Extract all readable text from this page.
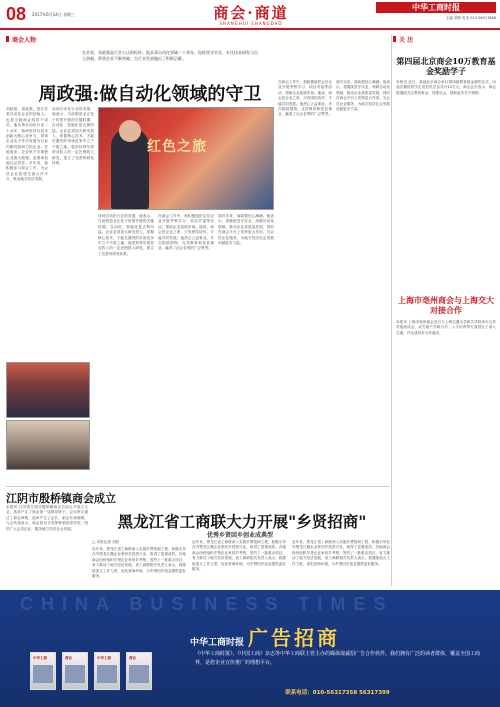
08 2017年6月14日 星期三	商会·商道
SHANGHUI·SHANGDAO
中华工商时报
主编 胡萍 电话 010-56317888
商会人物
在业界，刘政强是行业公认的标杆。他从事自动化领域二十余年，始终坚守实业，专注技术研发与自主创新，带领企业不断突破，为行业发展做出了积极贡献。
周政强:做自动化领域的守卫
刘政强，周政强，是江苏某自动化企业的创始人，也是当地商会的骨干成员。他从事自动化行业二十余年，始终坚持以技术创新为核心竞争力，带领企业从小作坊发展为行业内颇具影响力的企业。在他看来，企业家不仅要把企业做大做强，更要承担起社会责任。多年来，他积极参与商会工作，为会员企业搭建交流合作平台，推动地方经济发展。
谈到自动化行业的发展，他表示，当前制造业正处于转型升级的关键时期，自动化、智能化是大势所趋。企业必须加大研发投入，掌握核心技术，才能在激烈的市场竞争中立于不败之地。他坚持每年将营业收入的一定比例投入研发，建立了完善的研发体系。
红色之旅
在商会工作中，他积极组织会员企业开展考察学习、项目对接等活动，帮助企业拓展市场。他说，商会是企业之家，只有团结协作，才能共同发展。他热心公益事业，多次捐款捐物，支持教育和扶贫事业，赢得了社会各界的广泛赞誉。
面对未来，周政强信心满满。他表示，将继续坚守实业，深耕自动化领域，推动企业高质量发展，同时在商会平台上发挥更大作用，为会员企业服务，为地方经济社会发展贡献更多力量。
谈到自动化行业的发展，他表示，当前制造业正处于转型升级的关键时期，自动化、智能化是大势所趋。企业必须加大研发投入，掌握核心技术，才能在激烈的市场竞争中立于不败之地。他坚持每年将营业收入的一定比例投入研发，建立了完善的研发体系。
在商会工作中，他积极组织会员企业开展考察学习、项目对接等活动，帮助企业拓展市场。他说，商会是企业之家，只有团结协作，才能共同发展。他热心公益事业，多次捐款捐物，支持教育和扶贫事业，赢得了社会各界的广泛赞誉。
面对未来，周政强信心满满。他表示，将继续坚守实业，深耕自动化领域，推动企业高质量发展，同时在商会平台上发挥更大作用，为会员企业服务，为地方经济社会发展贡献更多力量。
江阴市殷桥镇商会成立
本报讯 江苏省江阴市殷桥镇商会日前召开成立大会，选举产生了商会第一届领导班子。会议审议通过了商会章程，选举产生了会长、副会长和理事。与会代表表示，商会将充分发挥桥梁纽带作用，团结广大会员企业，服务地方经济社会发展。	黑龙江省工商联大力开展"乡贤招商"
优秀乡贤回乡创业成典型
□ 本报记者 刘欣
近年来，黑龙江省工商联深入实施乡贤招商工程，积极引导在外黑龙江籍企业家回乡投资兴业，取得了显著成效。各地商会纷纷组织乡贤企业家回乡考察，签约了一批重点项目，有力推动了地方经济发展。省工商联相关负责人表示，将继续加大工作力度，优化营商环境，为乡贤回乡创业提供更好服务。
近年来，黑龙江省工商联深入实施乡贤招商工程，积极引导在外黑龙江籍企业家回乡投资兴业，取得了显著成效。各地商会纷纷组织乡贤企业家回乡考察，签约了一批重点项目，有力推动了地方经济发展。省工商联相关负责人表示，将继续加大工作力度，优化营商环境，为乡贤回乡创业提供更好服务。
近年来，黑龙江省工商联深入实施乡贤招商工程，积极引导在外黑龙江籍企业家回乡投资兴业，取得了显著成效。各地商会纷纷组织乡贤企业家回乡考察，签约了一批重点项目，有力推动了地方经济发展。省工商联相关负责人表示，将继续加大工作力度，优化营商环境，为乡贤回乡创业提供更好服务。
关 注
第四届北京商会10万教育基金奖励学子
本报讯 近日，某地北京商会举行第四届教育基金颁奖仪式，向品学兼优的学生发放奖学金共计10万元。商会会长表示，商会将继续关注教育事业，回馈社会，帮助更多学子圆梦。
上海市亳州商会与上海交大对接合作
本报讯 上海市亳州商会近日与上海交通大学相关学院举行合作对接座谈会，双方就产学研合作、人才培养等方面进行了深入交流，并达成初步合作意向。
CHINA BUSINESS TIMES
中华工商时报 广告招商
中华工商	商会	中华工商	商会
《中华工商时报》、《中国工商》杂志等中华工商联主管主办的媒体现诚招广告合作伙伴。我们拥有广泛的读者群体，覆盖全国工商界，是您企业宣传推广的理想平台。
联系电话：010-56317358 56317399
